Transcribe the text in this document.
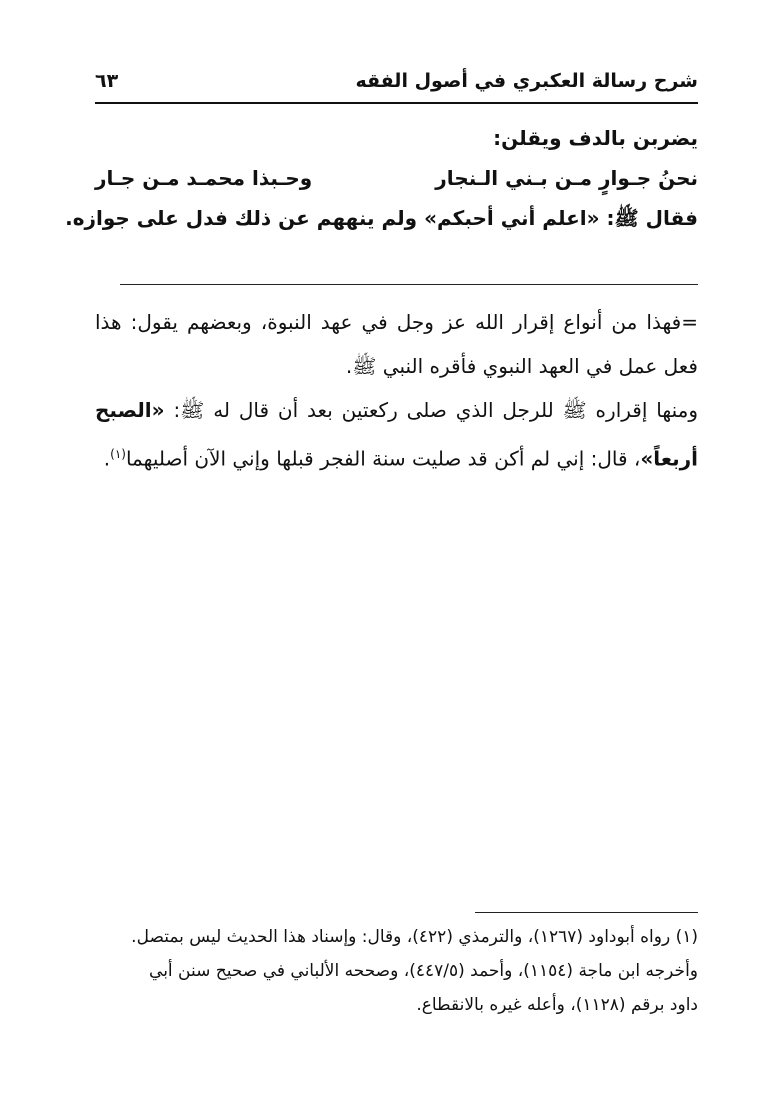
شرح رسالة العكبري في أصول الفقه
٦٣
يضربن بالدف ويقلن:
نحنُ جـوارٍ مـن بـني الـنجار
وحـبذا محمـد مـن جـار
فقال ﷺ: «اعلم أني أحبكم» ولم ينههم عن ذلك فدل على جوازه.

=فهذا من أنواع إقرار الله عز وجل في عهد النبوة، وبعضهم يقول: هذا فعل عمل في العهد النبوي فأقره النبي ﷺ.

ومنها إقراره ﷺ للرجل الذي صلى ركعتين بعد أن قال له ﷺ: «الصبح أربعاً»، قال: إني لم أكن قد صليت سنة الفجر قبلها وإني الآن أصليهما$^{(١)}$.

(١) رواه أبوداود (١٢٦٧)، والترمذي (٤٢٢)، وقال: وإسناد هذا الحديث ليس بمتصل.
وأخرجه ابن ماجة (١١٥٤)، وأحمد (٤٤٧/٥)، وصححه الألباني في صحيح سنن أبي
داود برقم (١١٢٨)، وأعله غيره بالانقطاع.
